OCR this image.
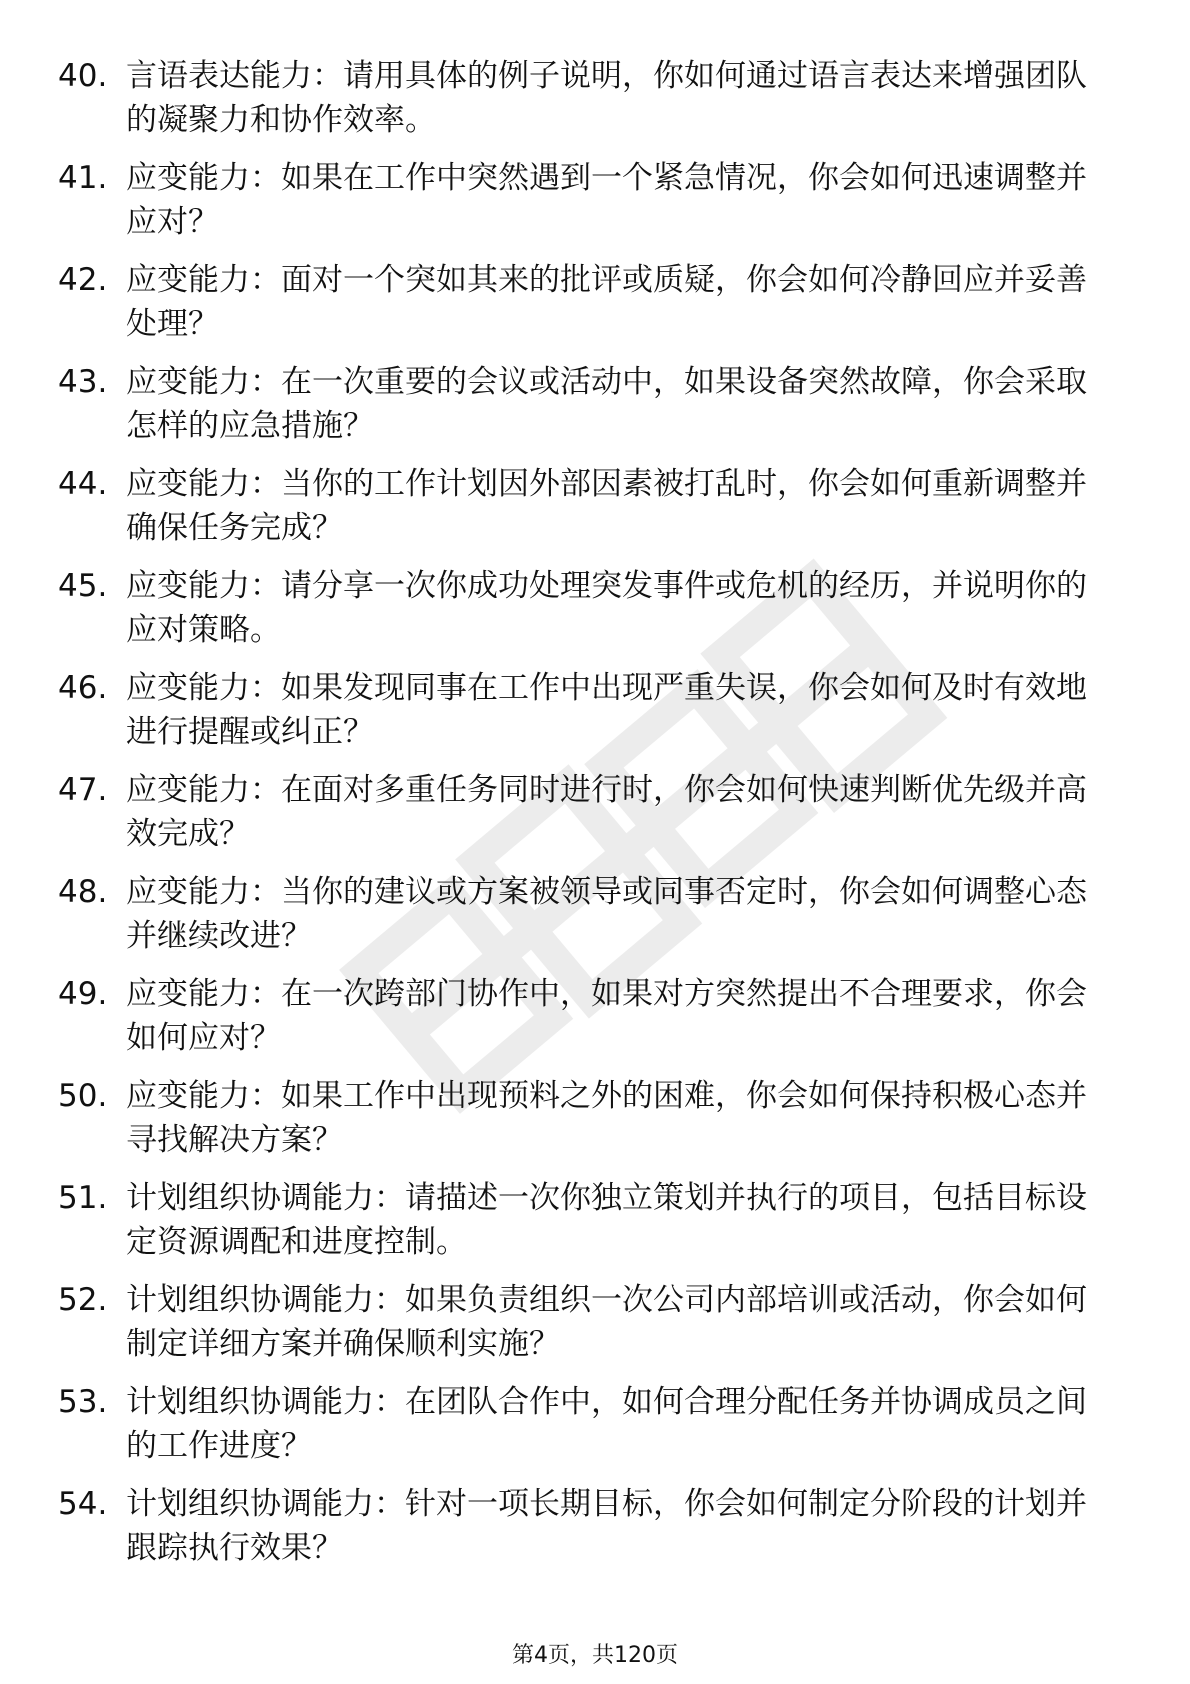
40. 言语表达能力：请用具体的例子说明，你如何通过语言表达来增强团队的凝聚力和协作效率。
41. 应变能力：如果在工作中突然遇到一个紧急情况，你会如何迅速调整并应对？
42. 应变能力：面对一个突如其来的批评或质疑，你会如何冷静回应并妥善处理？
43. 应变能力：在一次重要的会议或活动中，如果设备突然故障，你会采取怎样的应急措施？
44. 应变能力：当你的工作计划因外部因素被打乱时，你会如何重新调整并确保任务完成？
45. 应变能力：请分享一次你成功处理突发事件或危机的经历，并说明你的应对策略。
46. 应变能力：如果发现同事在工作中出现严重失误，你会如何及时有效地进行提醒或纠正？
47. 应变能力：在面对多重任务同时进行时，你会如何快速判断优先级并高效完成？
48. 应变能力：当你的建议或方案被领导或同事否定时，你会如何调整心态并继续改进？
49. 应变能力：在一次跨部门协作中，如果对方突然提出不合理要求，你会如何应对？
50. 应变能力：如果工作中出现预料之外的困难，你会如何保持积极心态并寻找解决方案？
51. 计划组织协调能力：请描述一次你独立策划并执行的项目，包括目标设定资源调配和进度控制。
52. 计划组织协调能力：如果负责组织一次公司内部培训或活动，你会如何制定详细方案并确保顺利实施？
53. 计划组织协调能力：在团队合作中，如何合理分配任务并协调成员之间的工作进度？
54. 计划组织协调能力：针对一项长期目标，你会如何制定分阶段的计划并跟踪执行效果？
第4页，共120页
